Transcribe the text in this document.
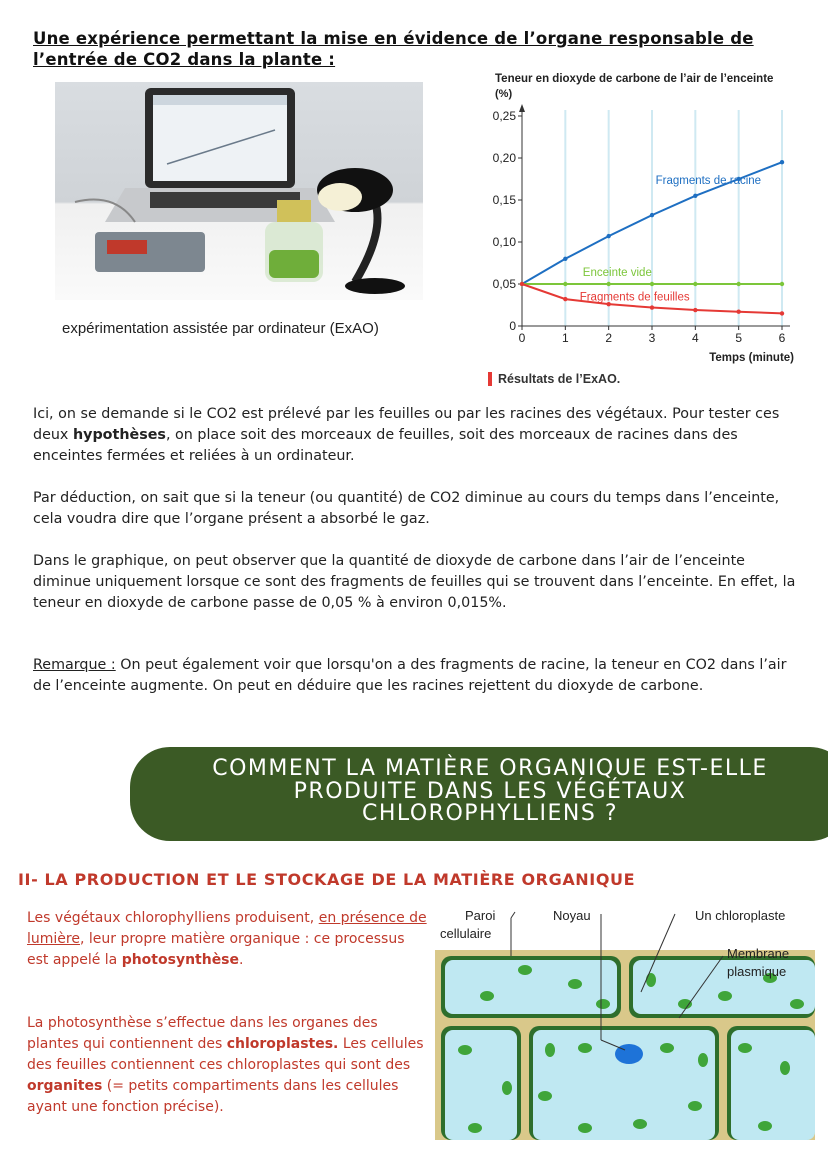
Une expérience permettant la mise en évidence de l’organe responsable de l’entrée de CO2 dans la plante :
expérimentation assistée par ordinateur (ExAO)
Teneur en dioxyde de carbone de l’air de l’enceinte
(%)
0
0,05
0,10
0,15
0,20
0,25
0	1	2	3	4	5	6
Temps (minute)
Fragments de racine
Enceinte vide
Fragments de feuilles
Résultats de l’ExAO.
Ici, on se demande si le CO2 est prélevé par les feuilles ou par les racines des végétaux. Pour tester ces deux hypothèses, on place soit des morceaux de feuilles, soit des morceaux de racines dans des enceintes fermées et reliées à un ordinateur.
Par déduction, on sait que si la teneur (ou quantité) de CO2 diminue au cours du temps dans l’enceinte, cela voudra dire que l’organe présent a absorbé le gaz.
Dans le graphique, on peut observer que la quantité de dioxyde de carbone dans l’air de l’enceinte diminue uniquement lorsque ce sont des fragments de feuilles qui se trouvent dans l’enceinte. En effet, la teneur en dioxyde de carbone passe de 0,05 % à environ 0,015%.
Remarque : On peut également voir que lorsqu'on a des fragments de racine, la teneur en CO2 dans l’air de l’enceinte augmente. On peut en déduire que les racines rejettent du dioxyde de carbone.
COMMENT LA MATIÈRE ORGANIQUE EST-ELLE
PRODUITE DANS LES VÉGÉTAUX
CHLOROPHYLLIENS ?
II- LA PRODUCTION ET LE STOCKAGE DE LA MATIÈRE ORGANIQUE
Les végétaux chlorophylliens produisent, en présence de lumière, leur propre matière organique : ce processus est appelé la photosynthèse.
La photosynthèse s’effectue dans les organes des plantes qui contiennent des chloroplastes. Les cellules des feuilles contiennent ces chloroplastes qui sont des organites (= petits compartiments dans les cellules ayant une fonction précise).
Paroi
cellulaire
Noyau	Un chloroplaste
Membrane
plasmique
